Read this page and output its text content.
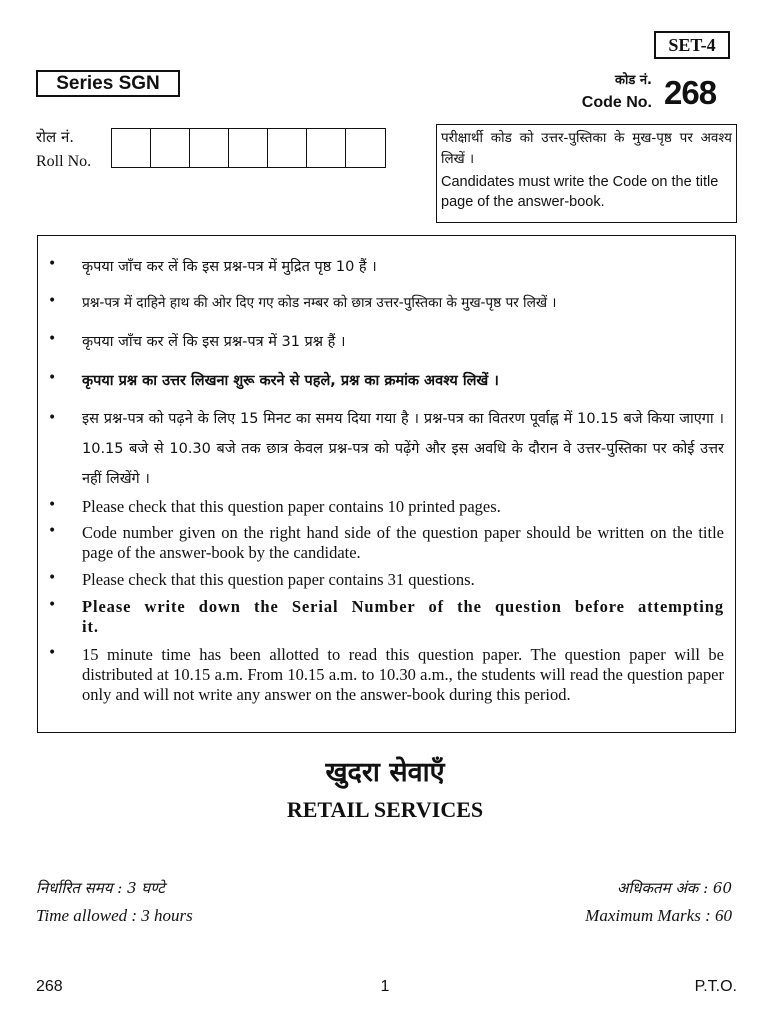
SET-4
Series SGN	कोड नं.
Code No. 268
रोल नं.
Roll No.
परीक्षार्थी कोड को उत्तर-पुस्तिका के मुख-पृष्ठ पर अवश्य लिखें ।
Candidates must write the Code on the title page of the answer-book.
• कृपया जाँच कर लें कि इस प्रश्न-पत्र में मुद्रित पृष्ठ 10 हैं ।
• प्रश्न-पत्र में दाहिने हाथ की ओर दिए गए कोड नम्बर को छात्र उत्तर-पुस्तिका के मुख-पृष्ठ पर लिखें ।
• कृपया जाँच कर लें कि इस प्रश्न-पत्र में 31 प्रश्न हैं ।
• कृपया प्रश्न का उत्तर लिखना शुरू करने से पहले, प्रश्न का क्रमांक अवश्य लिखें ।
• इस प्रश्न-पत्र को पढ़ने के लिए 15 मिनट का समय दिया गया है । प्रश्न-पत्र का वितरण पूर्वाह्न में 10.15 बजे किया जाएगा । 10.15 बजे से 10.30 बजे तक छात्र केवल प्रश्न-पत्र को पढ़ेंगे और इस अवधि के दौरान वे उत्तर-पुस्तिका पर कोई उत्तर नहीं लिखेंगे ।
• Please check that this question paper contains 10 printed pages.
• Code number given on the right hand side of the question paper should be written on the title page of the answer-book by the candidate.
• Please check that this question paper contains 31 questions.
• Please write down the Serial Number of the question before attempting it.
• 15 minute time has been allotted to read this question paper. The question paper will be distributed at 10.15 a.m. From 10.15 a.m. to 10.30 a.m., the students will read the question paper only and will not write any answer on the answer-book during this period.
खुदरा सेवाएँ
RETAIL SERVICES
निर्धारित समय : 3 घण्टे
Time allowed : 3 hours
अधिकतम अंक : 60
Maximum Marks : 60
268	1	P.T.O.
